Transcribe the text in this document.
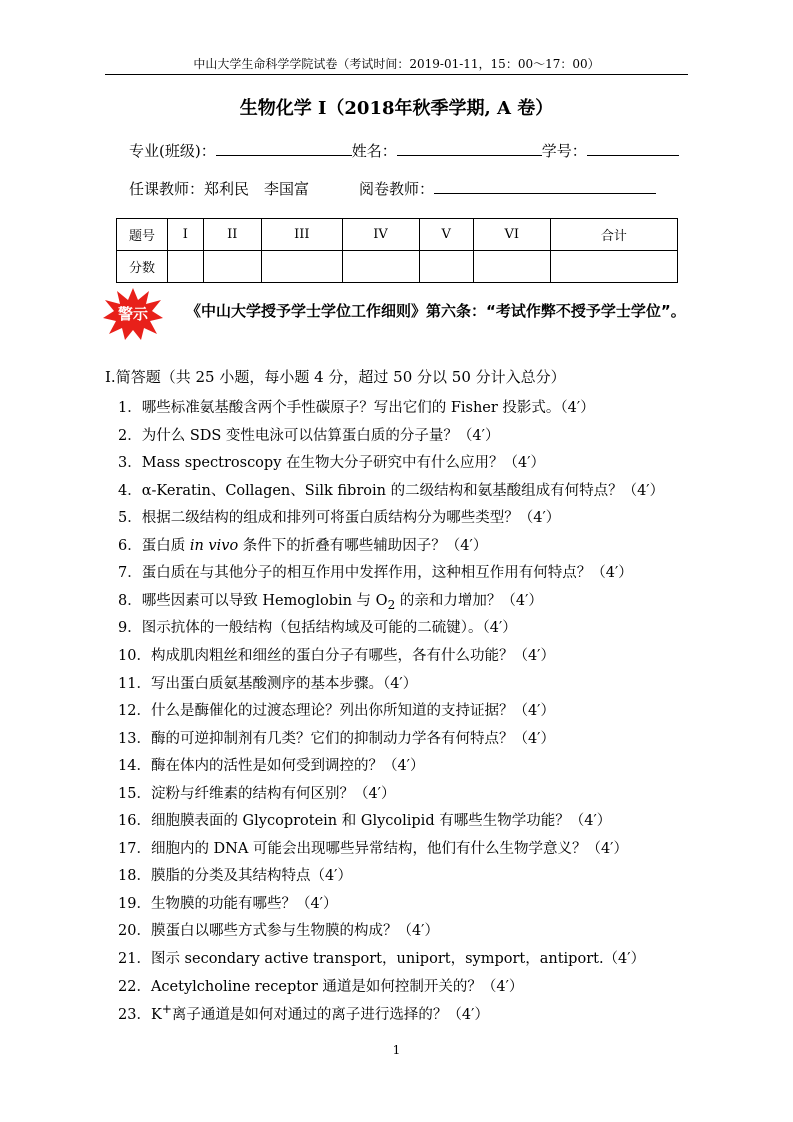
中山大学生命科学学院试卷（考试时间：2019-01-11，15：00～17：00）
生物化学 I（2018年秋季学期, A 卷）
专业(班级)：	姓名：	学号：
任课教师：郑利民　李国富	阅卷教师：
题号	I	II	III	IV	V	VI	合计
分数							
警示	《中山大学授予学士学位工作细则》第六条：“考试作弊不授予学士学位”。
I.简答题（共 25 小题，每小题 4 分，超过 50 分以 50 分计入总分）
1．哪些标准氨基酸含两个手性碳原子？写出它们的 Fisher 投影式。（4′）
2．为什么 SDS 变性电泳可以估算蛋白质的分子量？（4′）
3．Mass spectroscopy 在生物大分子研究中有什么应用？（4′）
4．α-Keratin、Collagen、Silk fibroin 的二级结构和氨基酸组成有何特点？（4′）
5．根据二级结构的组成和排列可将蛋白质结构分为哪些类型？（4′）
6．蛋白质 in vivo 条件下的折叠有哪些辅助因子？（4′）
7．蛋白质在与其他分子的相互作用中发挥作用，这种相互作用有何特点？（4′）
8．哪些因素可以导致 Hemoglobin 与 $O_2$ 的亲和力增加？（4′）
9．图示抗体的一般结构（包括结构域及可能的二硫键）。（4′）
10．构成肌肉粗丝和细丝的蛋白分子有哪些，各有什么功能？（4′）
11．写出蛋白质氨基酸测序的基本步骤。（4′）
12．什么是酶催化的过渡态理论？列出你所知道的支持证据？（4′）
13．酶的可逆抑制剂有几类？它们的抑制动力学各有何特点？（4′）
14．酶在体内的活性是如何受到调控的？（4′）
15．淀粉与纤维素的结构有何区别？（4′）
16．细胞膜表面的 Glycoprotein 和 Glycolipid 有哪些生物学功能？（4′）
17．细胞内的 DNA 可能会出现哪些异常结构，他们有什么生物学意义？（4′）
18．膜脂的分类及其结构特点（4′）
19．生物膜的功能有哪些？（4′）
20．膜蛋白以哪些方式参与生物膜的构成？（4′）
21．图示 secondary active transport，uniport，symport，antiport.（4′）
22．Acetylcholine receptor 通道是如何控制开关的？（4′）
23．K+离子通道是如何对通过的离子进行选择的？（4′）
1
